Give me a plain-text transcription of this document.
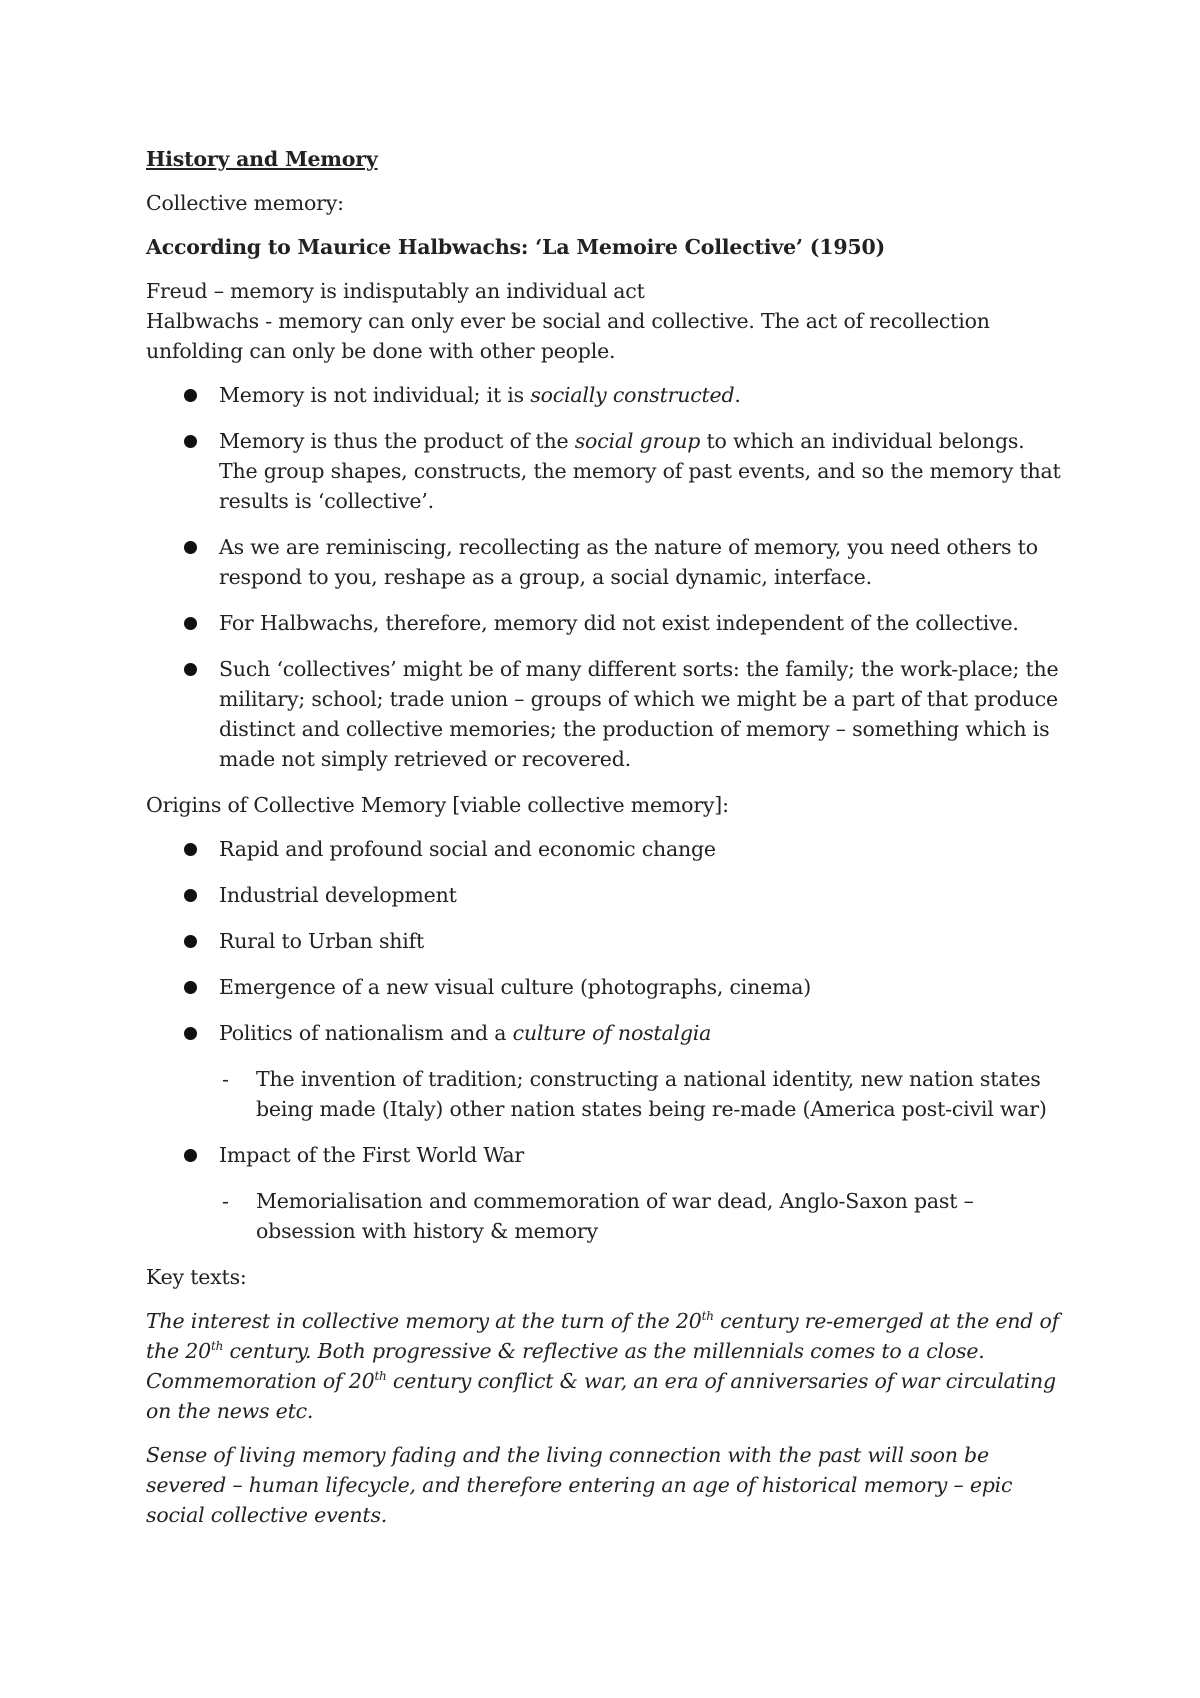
History and Memory
Collective memory:
According to Maurice Halbwachs: ‘La Memoire Collective’ (1950)
Freud – memory is indisputably an individual act
Halbwachs - memory can only ever be social and collective. The act of recollection unfolding can only be done with other people.
Memory is not individual; it is socially constructed.
Memory is thus the product of the social group to which an individual belongs. The group shapes, constructs, the memory of past events, and so the memory that results is ‘collective’.
As we are reminiscing, recollecting as the nature of memory, you need others to respond to you, reshape as a group, a social dynamic, interface.
For Halbwachs, therefore, memory did not exist independent of the collective.
Such ‘collectives’ might be of many different sorts: the family; the work-place; the military; school; trade union – groups of which we might be a part of that produce distinct and collective memories; the production of memory – something which is made not simply retrieved or recovered.
Origins of Collective Memory [viable collective memory]:
Rapid and profound social and economic change
Industrial development
Rural to Urban shift
Emergence of a new visual culture (photographs, cinema)
Politics of nationalism and a culture of nostalgia
- The invention of tradition; constructing a national identity, new nation states being made (Italy) other nation states being re-made (America post-civil war)
Impact of the First World War
- Memorialisation and commemoration of war dead, Anglo-Saxon past – obsession with history & memory
Key texts:
The interest in collective memory at the turn of the 20th century re-emerged at the end of the 20th century. Both progressive & reflective as the millennials comes to a close. Commemoration of 20th century conflict & war, an era of anniversaries of war circulating on the news etc.
Sense of living memory fading and the living connection with the past will soon be severed – human lifecycle, and therefore entering an age of historical memory – epic social collective events.
